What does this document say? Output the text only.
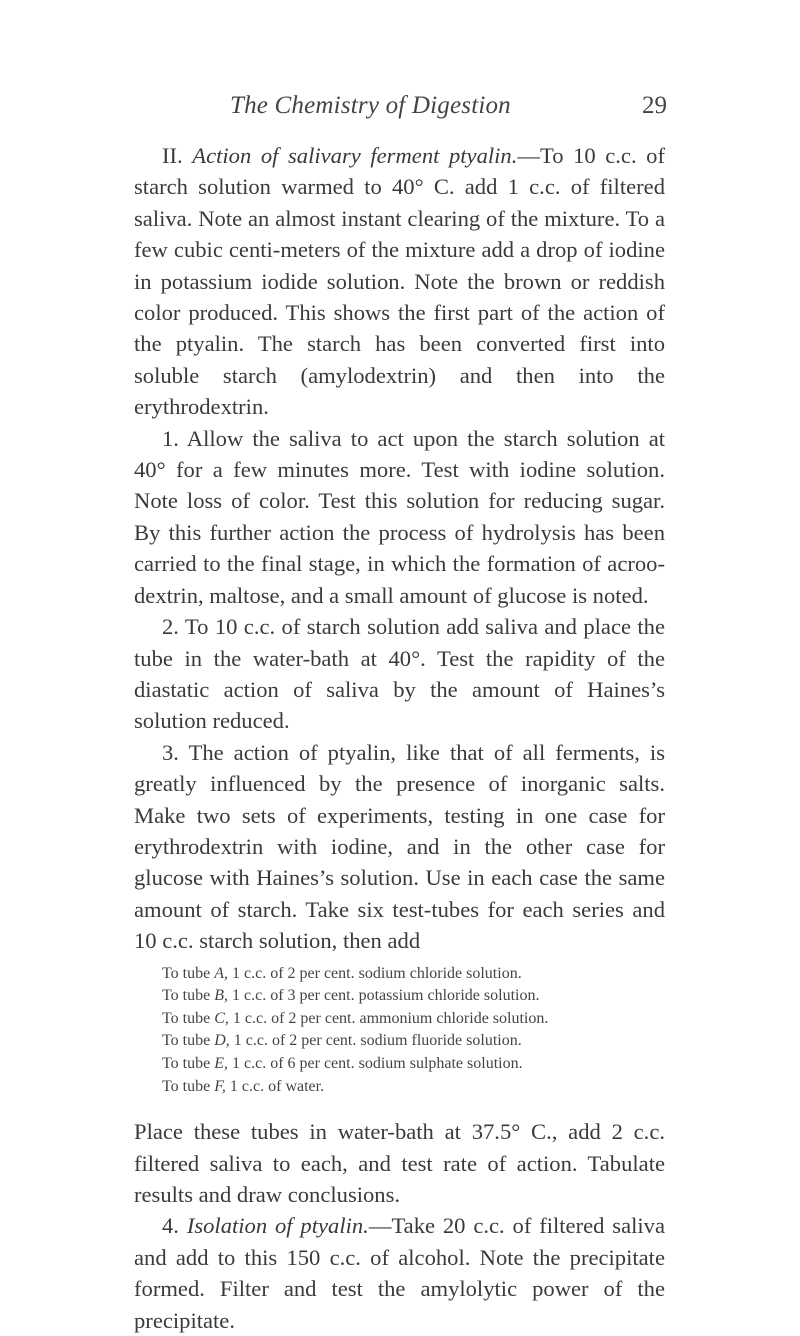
The Chemistry of Digestion	29

II. Action of salivary ferment ptyalin.—To 10 c.c. of starch solution warmed to 40° C. add 1 c.c. of filtered saliva. Note an almost instant clearing of the mixture. To a few cubic centi-meters of the mixture add a drop of iodine in potassium iodide solution. Note the brown or reddish color produced. This shows the first part of the action of the ptyalin. The starch has been converted first into soluble starch (amylodextrin) and then into the erythrodextrin.

1. Allow the saliva to act upon the starch solution at 40° for a few minutes more. Test with iodine solution. Note loss of color. Test this solution for reducing sugar. By this further action the process of hydrolysis has been carried to the final stage, in which the formation of acroo-dextrin, maltose, and a small amount of glucose is noted.

2. To 10 c.c. of starch solution add saliva and place the tube in the water-bath at 40°. Test the rapidity of the diastatic action of saliva by the amount of Haines’s solution reduced.

3. The action of ptyalin, like that of all ferments, is greatly influenced by the presence of inorganic salts. Make two sets of experiments, testing in one case for erythrodextrin with iodine, and in the other case for glucose with Haines’s solution. Use in each case the same amount of starch. Take six test-tubes for each series and 10 c.c. starch solution, then add

To tube A, 1 c.c. of 2 per cent. sodium chloride solution.
To tube B, 1 c.c. of 3 per cent. potassium chloride solution.
To tube C, 1 c.c. of 2 per cent. ammonium chloride solution.
To tube D, 1 c.c. of 2 per cent. sodium fluoride solution.
To tube E, 1 c.c. of 6 per cent. sodium sulphate solution.
To tube F, 1 c.c. of water.

Place these tubes in water-bath at 37.5° C., add 2 c.c. filtered saliva to each, and test rate of action. Tabulate results and draw conclusions.

4. Isolation of ptyalin.—Take 20 c.c. of filtered saliva and add to this 150 c.c. of alcohol. Note the precipitate formed. Filter and test the amylolytic power of the precipitate.
